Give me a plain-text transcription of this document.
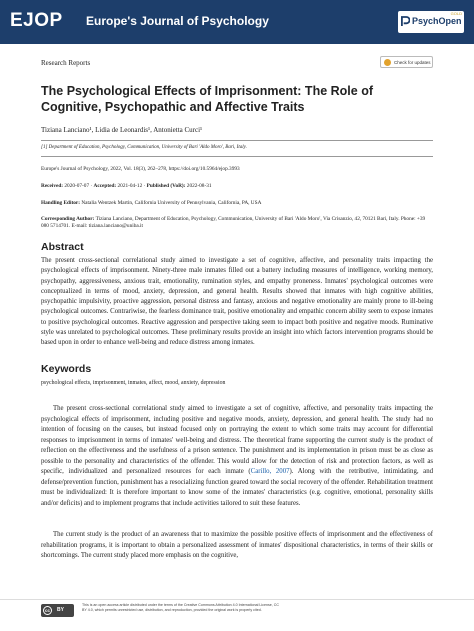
EJOP Europe's Journal of Psychology	PsychOpen
GOLD
Research Reports	Check for updates
The Psychological Effects of Imprisonment: The Role of Cognitive, Psychopathic and Affective Traits
Tiziana Lanciano¹, Lidia de Leonardis¹, Antonietta Curci¹
[1] Department of Education, Psychology, Communication, University of Bari 'Aldo Moro', Bari, Italy.
Europe's Journal of Psychology, 2022, Vol. 18(3), 262–278, https://doi.org/10.5964/ejop.3993
Received: 2020-07-07 · Accepted: 2021-04-12 · Published (VoR): 2022-08-31
Handling Editor: Natalia Wentzek Martin, California University of Pennsylvania, California, PA, USA
Corresponding Author: Tiziana Lanciano, Department of Education, Psychology, Communication, University of Bari 'Aldo Moro', Via Crisanzio, 42, 70121 Bari, Italy. Phone: +39 080 5714701. E-mail: tiziana.lanciano@uniba.it
Abstract
The present cross-sectional correlational study aimed to investigate a set of cognitive, affective, and personality traits impacting the psychological effects of imprisonment. Ninety-three male inmates filled out a battery including measures of intelligence, working memory, psychopathy, aggressiveness, anxious trait, emotionality, rumination styles, and empathy proneness. Inmates' psychological outcomes were conceptualized in terms of mood, anxiety, depression, and general health. Results showed that inmates with high cognitive abilities, psychopathic impulsivity, proactive aggression, personal distress and fantasy, anxious and negative emotionality are mainly prone to ill-being psychological outcomes. Contrariwise, the fearless dominance trait, positive emotionality and empathic concern ability seem to expose inmates to positive psychological outcomes. Reactive aggression and perspective taking seem to impact both positive and negative moods. Ruminative style was unrelated to psychological outcomes. These preliminary results provide an insight into which factors intervention programs should be based upon in order to enhance well-being and reduce distress among inmates.
Keywords
psychological effects, imprisonment, inmates, affect, mood, anxiety, depression
The present cross-sectional correlational study aimed to investigate a set of cognitive, affective, and personality traits impacting the psychological effects of imprisonment, including positive and negative moods, anxiety, depression, and general health. The study had no intention of focusing on the causes, but instead focused only on portraying the extent to which some traits may account for differential responses to imprisonment in terms of inmates' well-being and distress. The theoretical frame supporting the current study is the product of reflection on the effectiveness and the usefulness of a prison sentence. The punishment and its implementation in prison must be as close as possible to the personality and characteristics of the offender. This would allow for the detection of risk and protection factors, as well as specific, individualized and personalized resources for each inmate (Carillo, 2007). Along with the retributive, intimidating, and defense/prevention function, punishment has a resocializing function geared toward the social recovery of the offender. Rehabilitation treatment must be individualized: It is therefore important to know some of the inmates' characteristics (e.g. cognitive, emotional, personality skills and/or deficits) and to implement programs that include activities tailored to suit these features.
The current study is the product of an awareness that to maximize the possible positive effects of imprisonment and the effectiveness of rehabilitation programs, it is important to obtain a personalized assessment of inmates' dispositional characteristics, in terms of their skills or shortcomings. The current study placed more emphasis on the cognitive,
cc	BY
This is an open access article distributed under the terms of the Creative Commons Attribution 4.0 International License, CC BY 4.0, which permits unrestricted use, distribution, and reproduction, provided the original work is properly cited.
